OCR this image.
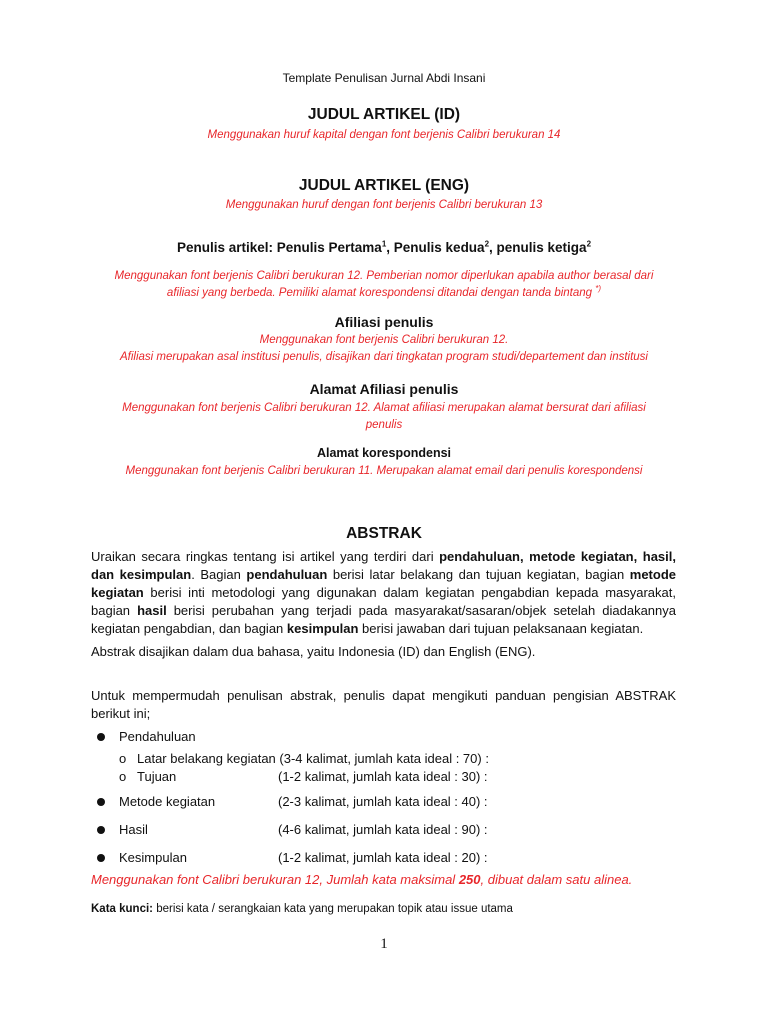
Template Penulisan Jurnal Abdi Insani
JUDUL ARTIKEL (ID)
Menggunakan huruf kapital dengan font berjenis Calibri berukuran 14
JUDUL ARTIKEL (ENG)
Menggunakan huruf dengan font berjenis Calibri berukuran 13
Penulis artikel: Penulis Pertama$^1$, Penulis kedua$^2$, penulis ketiga$^2$
Menggunakan font berjenis Calibri berukuran 12. Pemberian nomor diperlukan apabila author berasal dari
afiliasi yang berbeda. Pemiliki alamat korespondensi ditandai dengan tanda bintang *)
Afiliasi penulis
Menggunakan font berjenis Calibri berukuran 12.
Afiliasi merupakan asal institusi penulis, disajikan dari tingkatan program studi/departement dan institusi
Alamat Afiliasi penulis
Menggunakan font berjenis Calibri berukuran 12. Alamat afiliasi merupakan alamat bersurat dari afiliasi
penulis
Alamat korespondensi
Menggunakan font berjenis Calibri berukuran 11. Merupakan alamat email dari penulis korespondensi
ABSTRAK
Uraikan secara ringkas tentang isi artikel yang terdiri dari pendahuluan, metode kegiatan, hasil, dan kesimpulan. Bagian pendahuluan berisi latar belakang dan tujuan kegiatan, bagian metode kegiatan berisi inti metodologi yang digunakan dalam kegiatan pengabdian kepada masyarakat, bagian hasil berisi perubahan yang terjadi pada masyarakat/sasaran/objek setelah diadakannya kegiatan pengabdian, dan bagian kesimpulan berisi jawaban dari tujuan pelaksanaan kegiatan.
Abstrak disajikan dalam dua bahasa, yaitu Indonesia (ID) dan English (ENG).
Untuk mempermudah penulisan abstrak, penulis dapat mengikuti panduan pengisian ABSTRAK berikut ini;
Pendahuluan
o Latar belakang kegiatan (3-4 kalimat, jumlah kata ideal : 70) :
o Tujuan	(1-2 kalimat, jumlah kata ideal : 30) :
Metode kegiatan	(2-3 kalimat, jumlah kata ideal : 40) :
Hasil	(4-6 kalimat, jumlah kata ideal : 90) :
Kesimpulan	(1-2 kalimat, jumlah kata ideal : 20) :
Menggunakan font Calibri berukuran 12, Jumlah kata maksimal 250, dibuat dalam satu alinea.
Kata kunci: berisi kata / serangkaian kata yang merupakan topik atau issue utama
1
